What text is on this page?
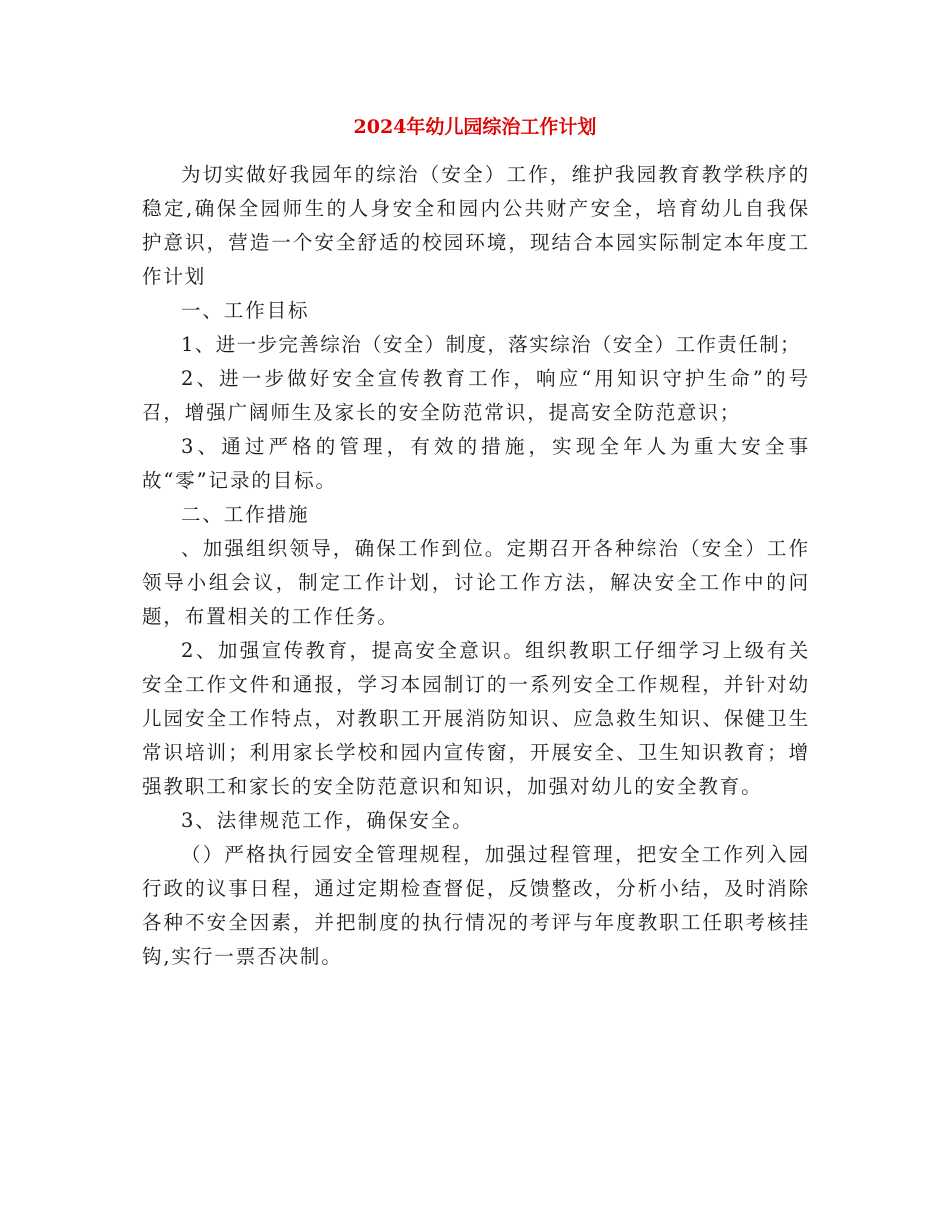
2024年幼儿园综治工作计划

为切实做好我园年的综治（安全）工作，维护我园教育教学秩序的稳定,确保全园师生的人身安全和园内公共财产安全，培育幼儿自我保护意识，营造一个安全舒适的校园环境，现结合本园实际制定本年度工作计划

一、工作目标

1、进一步完善综治（安全）制度，落实综治（安全）工作责任制；

2、进一步做好安全宣传教育工作，响应“用知识守护生命”的号召，增强广阔师生及家长的安全防范常识，提高安全防范意识；

3、通过严格的管理，有效的措施，实现全年人为重大安全事故“零”记录的目标。

二、工作措施

、加强组织领导，确保工作到位。定期召开各种综治（安全）工作领导小组会议，制定工作计划，讨论工作方法，解决安全工作中的问题，布置相关的工作任务。

2、加强宣传教育，提高安全意识。组织教职工仔细学习上级有关安全工作文件和通报，学习本园制订的一系列安全工作规程，并针对幼儿园安全工作特点，对教职工开展消防知识、应急救生知识、保健卫生常识培训；利用家长学校和园内宣传窗，开展安全、卫生知识教育；增强教职工和家长的安全防范意识和知识，加强对幼儿的安全教育。

3、法律规范工作，确保安全。

（）严格执行园安全管理规程，加强过程管理，把安全工作列入园行政的议事日程，通过定期检查督促，反馈整改，分析小结，及时消除各种不安全因素，并把制度的执行情况的考评与年度教职工任职考核挂钩,实行一票否决制。
